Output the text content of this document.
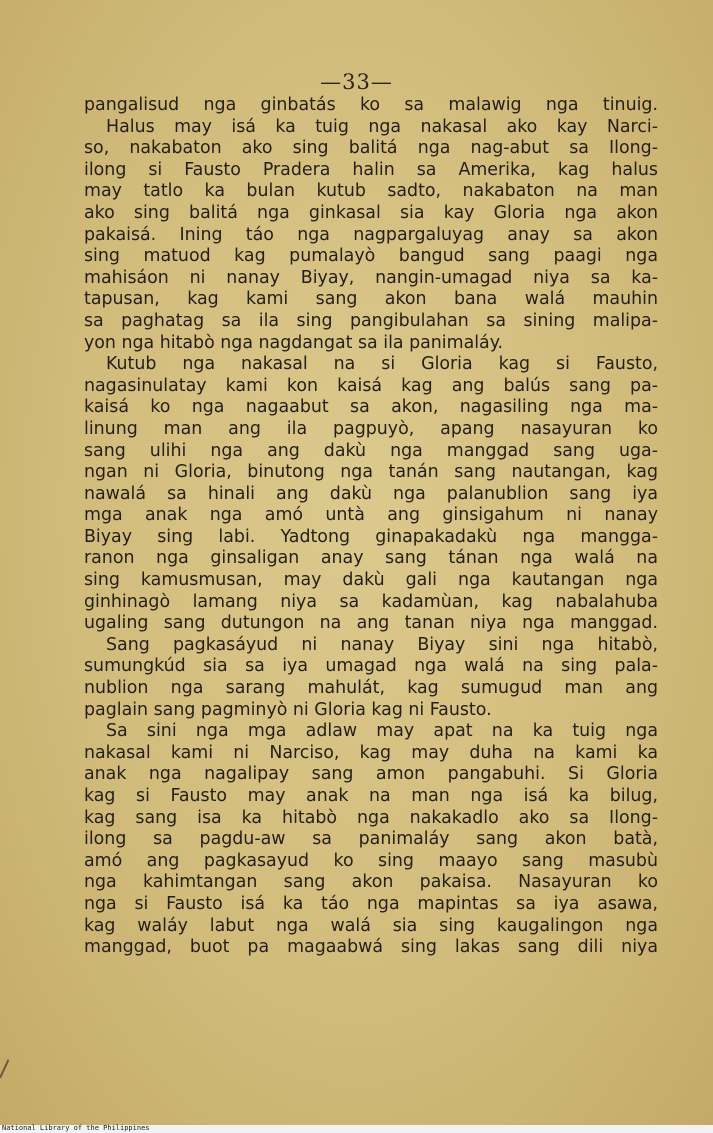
—33—
pangalisud nga ginbatás ko sa malawig nga tinuig.
Halus may isá ka tuig nga nakasal ako kay Narci-
so, nakabaton ako sing balitá nga nag-abut sa Ilong-
ilong si Fausto Pradera halin sa Amerika, kag halus
may tatlo ka bulan kutub sadto, nakabaton na man
ako sing balitá nga ginkasal sia kay Gloria nga akon
pakaisá. Ining táo nga nagpargaluyag anay sa akon
sing matuod kag pumalayò bangud sang paagi nga
mahisáon ni nanay Biyay, nangin-umagad niya sa ka-
tapusan, kag kami sang akon bana walá mauhin
sa paghatag sa ila sing pangibulahan sa sining malipa-
yon nga hitabò nga nagdangat sa ila panimaláy.
Kutub nga nakasal na si Gloria kag si Fausto,
nagasinulatay kami kon kaisá kag ang balús sang pa-
kaisá ko nga nagaabut sa akon, nagasiling nga ma-
linung man ang ila pagpuyò, apang nasayuran ko
sang ulihi nga ang dakù nga manggad sang uga-
ngan ni Gloria, binutong nga tanán sang nautangan, kag
nawalá sa hinali ang dakù nga palanublion sang iya
mga anak nga amó untà ang ginsigahum ni nanay
Biyay sing labi. Yadtong ginapakadakù nga mangga-
ranon nga ginsaligan anay sang tánan nga walá na
sing kamusmusan, may dakù gali nga kautangan nga
ginhinagò lamang niya sa kadamùan, kag nabalahuba
ugaling sang dutungon na ang tanan niya nga manggad.
Sang pagkasáyud ni nanay Biyay sini nga hitabò,
sumungkúd sia sa iya umagad nga walá na sing pala-
nublion nga sarang mahulát, kag sumugud man ang
paglain sang pagminyò ni Gloria kag ni Fausto.
Sa sini nga mga adlaw may apat na ka tuig nga
nakasal kami ni Narciso, kag may duha na kami ka
anak nga nagalipay sang amon pangabuhi. Si Gloria
kag si Fausto may anak na man nga isá ka bilug,
kag sang isa ka hitabò nga nakakadlo ako sa Ilong-
ilong sa pagdu-aw sa panimaláy sang akon batà,
amó ang pagkasayud ko sing maayo sang masubù
nga kahimtangan sang akon pakaisa. Nasayuran ko
nga si Fausto isá ka táo nga mapintas sa iya asawa,
kag waláy labut nga walá sia sing kaugalingon nga
manggad, buot pa magaabwá sing lakas sang dili niya
National Library of the Philippines
